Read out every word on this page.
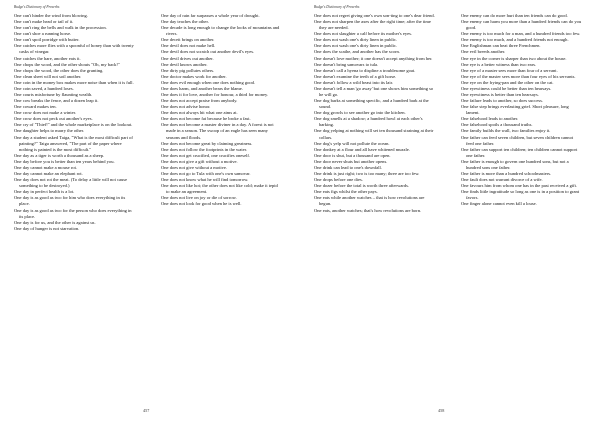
Budge's Dictionary of Proverbs

One can't hinder the wind from blowing.

One can't make head or tail of it.

One can't ring the bells and walk in the procession.

One can't shoe a running horse.

One can't spoil porridge with butter.

One catches more flies with a spoonful of honey than with twenty casks of vinegar.

One catches the hare, another eats it.

One chops the wood, and the other shouts "Oh, my back!"

One chops the wood, the other does the grunting.

One clean sheet will not soil another.

One coin in the money box makes more noise than when it is full.

One coin saved, a hundred loses.

One courts misfortune by flaunting wealth.

One cow breaks the fence, and a dozen leap it.

One coward makes ten.

One crow does not make a winter.

One crow does not peck out another's eyes.

One cry of "Thief!" and the whole marketplace is on the lookout.

One daughter helps to marry the other.

One day a student asked Taiga, "What is the most difficult part of painting?" Taiga answered, "The part of the paper where nothing is painted is the most difficult."

One day as a tiger is worth a thousand as a sheep.

One day before you is better than ten years behind you.

One day cannot make a mouse rot.

One day cannot make an elephant rot.

One day does not rot the meat. (To delay a little will not cause something to be destroyed.)

One day in perfect health is a lot.

One day is as good as two for him who does everything in its place.

One day is as good as two for the person who does everything in its place.

One day is for us, and the other is against us.

One day of hunger is not starvation.

One day of rain far surpasses a whole year of drought.

One day teaches the other.

One decade is long enough to change the looks of mountains and rivers.

One deceit brings on another.

One devil does not make hell.

One devil does not scratch out another devil's eyes.

One devil drives out another.

One devil knows another.

One dirty pig pollutes others.

One doctor makes work for another.

One does evil enough when one does nothing good.

One does harm, and another bears the blame.

One does it for love, another for honour, a third for money.

One does not accept praise from anybody.

One does not advise honor.

One does not always hit what one aims at.

One does not become fat because he broke a fast.

One does not become a master diviner in a day. A forest is not made in a season. The swoop of an eagle has seen many seasons and floods.

One does not become great by claiming greatness.

One does not follow the footprints in the water.

One does not get crucified, one crucifies oneself.

One does not give a gift without a motive.

One does not give without a motive.

One does not go to Tula with one's own samovar.

One does not know what he will find tomorrow.

One does not like hot; the other does not like cold; make it tepid to make an agreement.

One does not live on joy or die of sorrow.

One does not look for good when he is well.

457
Budge's Dictionary of Proverbs

One does not regret giving one's own son-ting to one's dear friend.

One does not sharpen the axes after the right time; after the time they are needed.

One does not slaughter a calf before its mother's eyes.

One does not wash one's dirty linen in public.

One does not wash one's dirty linen in public.

One does the scathe, and another has the scorn.

One doesn't love mother; it one doesn't accept anything from her.

One doesn't bring samovars to tula.

One doesn't call a hyena to displine a troublesome goat.

One doesn't examine the teeth of a gift horse.

One doesn't follow a wild beast into its lair.

One doesn't tell a man 'go away' but one shows him something so he will go.

One dog barks at something specific, and a hundred bark at the sound.

One dog growls to see another go into the kitchen.

One dog smells at a shadow; a hundred howl at each other's barking.

One dog yelping at nothing will set ten thousand straining at their collars.

One dog's yelp will not pollute the ocean.

One donkey at a flour and all have whitened muzzle.

One door is shut, but a thousand are open.

One door never shuts but another opens.

One drink can lead to one's downfall.

One drink is just right; two is too many; three are too few.

One drops before one dies.

One dozer before the total is worth three afterwards.

One eats figs whilst the other pays.

One eats while another watches – that is how revolutions are begun.

One eats, another watches; that's how revolutions are born.

One enemy can do more hurt than ten friends can do good.

One enemy can harm you more than a hundred friends can do you good.

One enemy is too much for a man, and a hundred friends too few.

One enemy is too much, and a hundred friends not enough.

One Englishman can beat three Frenchmen.

One evil breeds another.

One eye in the corner is sharper than two about the house.

One eye is a better witness than two ears.

One eye of a master sees more than four of a servant.

One eye of the master sees more than four eyes of his servants.

One eye on the frying-pan and the other on the cat.

One eyewitness could be better than ten hearsays.

One eyewitness is better than ten hearsays.

One failure leads to another, so does success.

One false step brings everlasting grief. Short pleasure, long lament.

One falsehood leads to another.

One falsehood spoils a thousand truths.

One family builds the wall, two families enjoy it.

One father can feed seven children, but seven children cannot feed one father.

One father can support ten children; ten children cannot support one father.

One father is enough to govern one hundred sons, but not a hundred sons one father.

One father is more than a hundred schoolmasters.

One fault does not warrant divorce of a wife.

One favours him from whom one has in the past received a gift.

One finds little ingratitude so long as one is in a position to grant favors.

One finger alone cannot even kill a louse.

458
